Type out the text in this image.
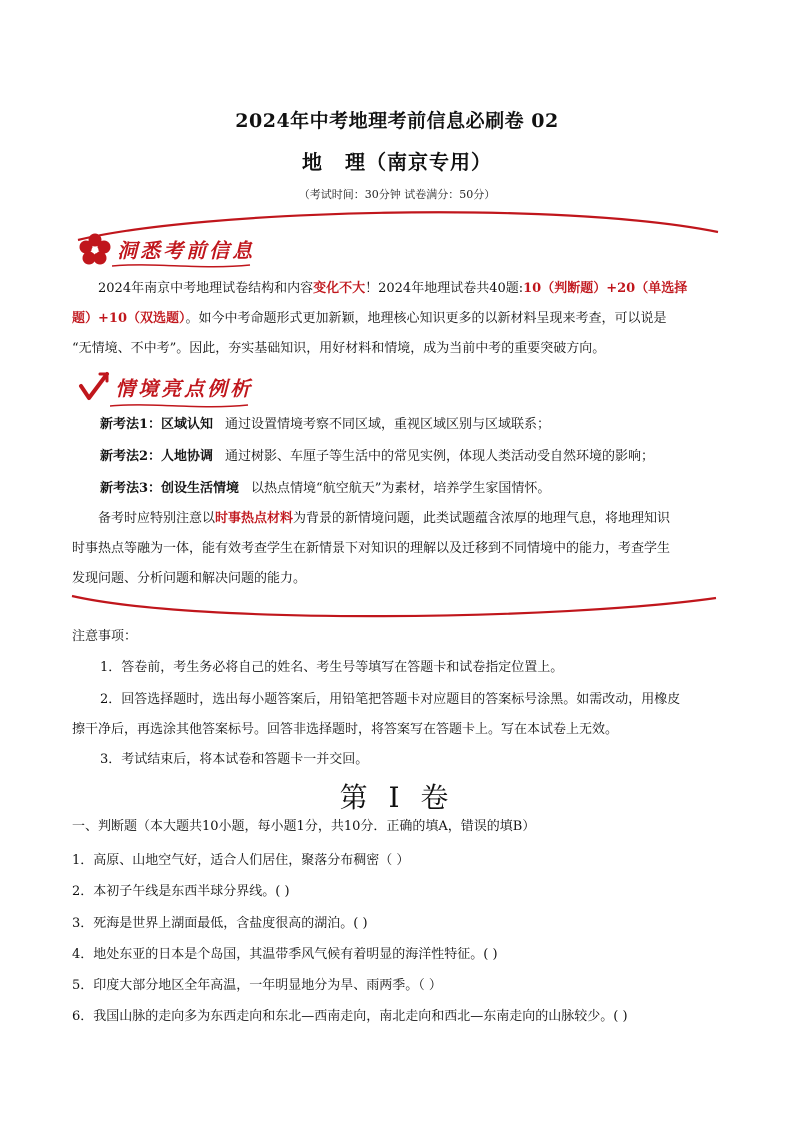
2024年中考地理考前信息必刷卷 02
地 理（南京专用）
（考试时间：30分钟 试卷满分：50分）
洞悉考前信息
2024年南京中考地理试卷结构和内容变化不大！2024年地理试卷共40题:10（判断题）+20（单选择
题）+10（双选题）。如今中考命题形式更加新颖，地理核心知识更多的以新材料呈现来考查，可以说是
“无情境、不中考”。因此，夯实基础知识，用好材料和情境，成为当前中考的重要突破方向。
情境亮点例析
新考法1：区域认知 通过设置情境考察不同区域，重视区域区别与区域联系；
新考法2：人地协调 通过树影、车厘子等生活中的常见实例，体现人类活动受自然环境的影响；
新考法3：创设生活情境 以热点情境“航空航天”为素材，培养学生家国情怀。
备考时应特别注意以时事热点材料为背景的新情境问题，此类试题蕴含浓厚的地理气息，将地理知识
时事热点等融为一体，能有效考查学生在新情景下对知识的理解以及迁移到不同情境中的能力，考查学生
发现问题、分析问题和解决问题的能力。
注意事项：
1．答卷前，考生务必将自己的姓名、考生号等填写在答题卡和试卷指定位置上。
2．回答选择题时，选出每小题答案后，用铅笔把答题卡对应题目的答案标号涂黑。如需改动，用橡皮
擦干净后，再选涂其他答案标号。回答非选择题时，将答案写在答题卡上。写在本试卷上无效。
3．考试结束后，将本试卷和答题卡一并交回。
第 I 卷
一、判断题（本大题共10小题，每小题1分，共10分．正确的填A，错误的填B）
1．高原、山地空气好，适合人们居住，聚落分布稠密（ ）
2．本初子午线是东西半球分界线。( )
3．死海是世界上湖面最低，含盐度很高的湖泊。( )
4．地处东亚的日本是个岛国，其温带季风气候有着明显的海洋性特征。( )
5．印度大部分地区全年高温，一年明显地分为旱、雨两季。（ ）
6．我国山脉的走向多为东西走向和东北—西南走向，南北走向和西北—东南走向的山脉较少。( )
